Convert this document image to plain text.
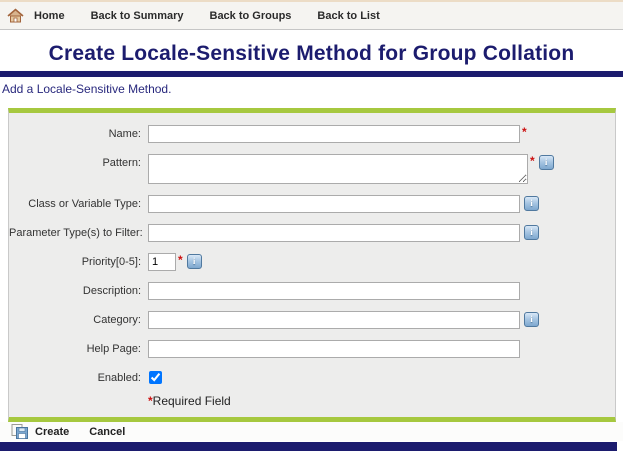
Home Back to Summary Back to Groups Back to List
Create Locale-Sensitive Method for Group Collation
Add a Locale-Sensitive Method.
Name:	*
Pattern:	*	i
Class or Variable Type:	i
Parameter Type(s) to Filter:	i
Priority[0-5]:
1	*	i
Description:
Category:	i
Help Page:
Enabled:
*Required Field
Create Cancel
